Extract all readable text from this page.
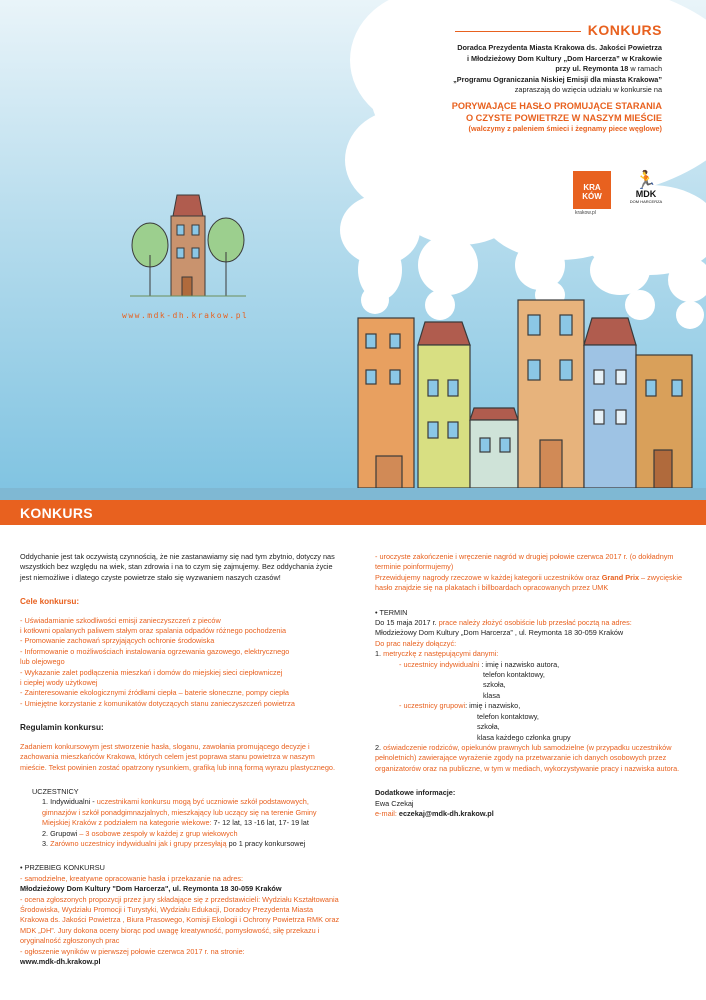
KONKURS
Doradca Prezydenta Miasta Krakowa ds. Jakości Powietrza
i Młodzieżowy Dom Kultury „Dom Harcerza” w Krakowie
przy ul. Reymonta 18 w ramach
„Programu Ograniczania Niskiej Emisji dla miasta Krakowa”
zapraszają do wzięcia udziału w konkursie na
PORYWAJĄCE HASŁO PROMUJĄCE STARANIA
O CZYSTE POWIETRZE W NASZYM MIEŚCIE
(walczymy z paleniem śmieci i żegnamy piece węglowe)
KRA KÓW
krakow.pl
🏃
MDK
DOM HARCERZA
www.mdk-dh.krakow.pl
KONKURS

Oddychanie jest tak oczywistą czynnością, że nie zastanawiamy się nad tym zbytnio, dotyczy nas wszystkich bez względu na wiek, stan zdrowia i na to czym się zajmujemy. Bez oddychania życie jest niemożliwe i dlatego czyste powietrze stało się wyzwaniem naszych czasów!

Cele konkursu:

- Uświadamianie szkodliwości emisji zanieczyszczeń z pieców

i kotłowni opalanych paliwem stałym oraz spalania odpadów różnego pochodzenia

- Promowanie zachowań sprzyjających ochronie środowiska

- Informowanie o możliwościach instalowania ogrzewania gazowego, elektrycznego

lub olejowego

- Wykazanie zalet podłączenia mieszkań i domów do miejskiej sieci ciepłowniczej

i ciepłej wody użytkowej

- Zainteresowanie ekologicznymi źródłami ciepła – baterie słoneczne, pompy ciepła

- Umiejętne korzystanie z komunikatów dotyczących stanu zanieczyszczeń powietrza

Regulamin konkursu:

Zadaniem konkursowym jest stworzenie hasła, sloganu, zawołania promującego decyzje i zachowania mieszkańców Krakowa, których celem jest poprawa stanu powietrza w naszym mieście. Tekst powinien zostać opatrzony rysunkiem, grafiką lub inną formą wyrazu plastycznego.

UCZESTNICY

1. Indywidualni - uczestnikami konkursu mogą być uczniowie szkół podstawowych, gimnazjów i szkół ponadgimnazjalnych, mieszkający lub uczący się na terenie Gminy Miejskiej Kraków z podziałem na kategorie wiekowe: 7- 12 lat, 13 -16 lat, 17- 19 lat

2. Grupowi – 3 osobowe zespoły w każdej z grup wiekowych

3. Zarówno uczestnicy indywidualni jak i grupy przesyłają po 1 pracy konkursowej

• PRZEBIEG KONKURSU

- samodzielne, kreatywne opracowanie hasła i przekazanie na adres:

Młodzieżowy Dom Kultury "Dom Harcerza", ul. Reymonta 18 30-059 Kraków

- ocena zgłoszonych propozycji przez jury składające się z przedstawicieli: Wydziału Kształtowania Środowiska, Wydziału Promocji i Turystyki, Wydziału Edukacji, Doradcy Prezydenta Miasta Krakowa ds. Jakości Powietrza , Biura Prasowego, Komisji Ekologii i Ochrony Powietrza RMK oraz MDK „DH”. Jury dokona oceny biorąc pod uwagę kreatywność, pomysłowość, siłę przekazu i oryginalność zgłoszonych prac

- ogłoszenie wyników w pierwszej połowie czerwca 2017 r. na stronie:

www.mdk-dh.krakow.pl

- uroczyste zakończenie i wręczenie nagród w drugiej połowie czerwca 2017 r. (o dokładnym terminie poinformujemy)

Przewidujemy nagrody rzeczowe w każdej kategorii uczestników oraz Grand Prix – zwycięskie hasło znajdzie się na plakatach i billboardach opracowanych przez UMK

• TERMIN

Do 15 maja 2017 r. prace należy złożyć osobiście lub przesłać pocztą na adres:

Młodzieżowy Dom Kultury „Dom Harcerza” , ul. Reymonta 18 30-059 Kraków

Do prac należy dołączyć:

1. metryczkę z następującymi danymi:

- uczestnicy indywidualni : imię i nazwisko autora,

telefon kontaktowy,

szkoła,

klasa

- uczestnicy grupowi: imię i nazwisko,

telefon kontaktowy,

szkoła,

klasa każdego członka grupy

2. oświadczenie rodziców, opiekunów prawnych lub samodzielne (w przypadku uczestników pełnoletnich) zawierające wyrażenie zgody na przetwarzanie ich danych osobowych przez organizatorów oraz na publiczne, w tym w mediach, wykorzystywanie pracy i nazwiska autora.

Dodatkowe informacje:

Ewa Czekaj

e-mail: eczekaj@mdk-dh.krakow.pl
